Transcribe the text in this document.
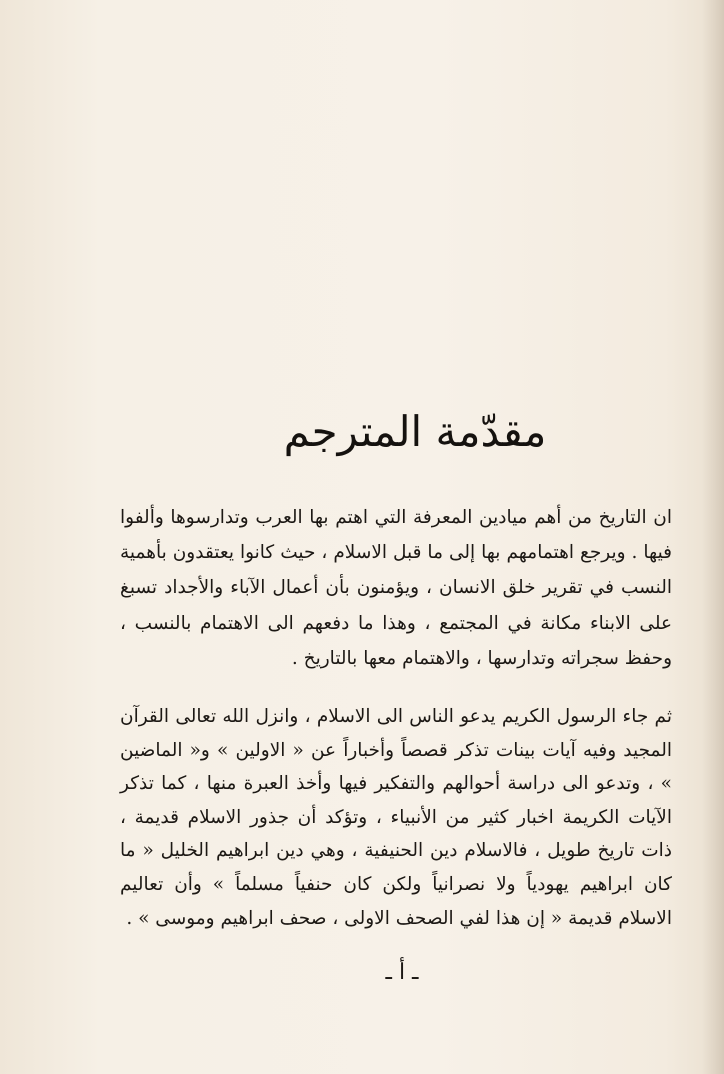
مقدّمة المترجم
ان التاريخ من أهم ميادين المعرفة التي اهتم بها العرب وتدارسوها وألفوا فيها . ويرجع اهتمامهم بها إلى ما قبل الاسلام ، حيث كانوا يعتقدون بأهمية النسب في تقرير خلق الانسان ، ويؤمنون بأن أعمال الآباء والأجداد تسبغ على الابناء مكانة في المجتمع ، وهذا ما دفعهم الى الاهتمام بالنسب ، وحفظ سجراته وتدارسها ، والاهتمام معها بالتاريخ .
ثم جاء الرسول الكريم يدعو الناس الى الاسلام ، وانزل الله تعالى القرآن المجيد وفيه آيات بينات تذكر قصصاً وأخباراً عن « الاولين » و« الماضين » ، وتدعو الى دراسة أحوالهم والتفكير فيها وأخذ العبرة منها ، كما تذكر الآيات الكريمة اخبار كثير من الأنبياء ، وتؤكد أن جذور الاسلام قديمة ، ذات تاريخ طويل ، فالاسلام دين الحنيفية ، وهي دين ابراهيم الخليل « ما كان ابراهيم يهودياً ولا نصرانياً ولكن كان حنفياً مسلماً » وأن تعاليم الاسلام قديمة « إن هذا لفي الصحف الاولى ، صحف ابراهيم وموسى » .
ـ أ ـ
